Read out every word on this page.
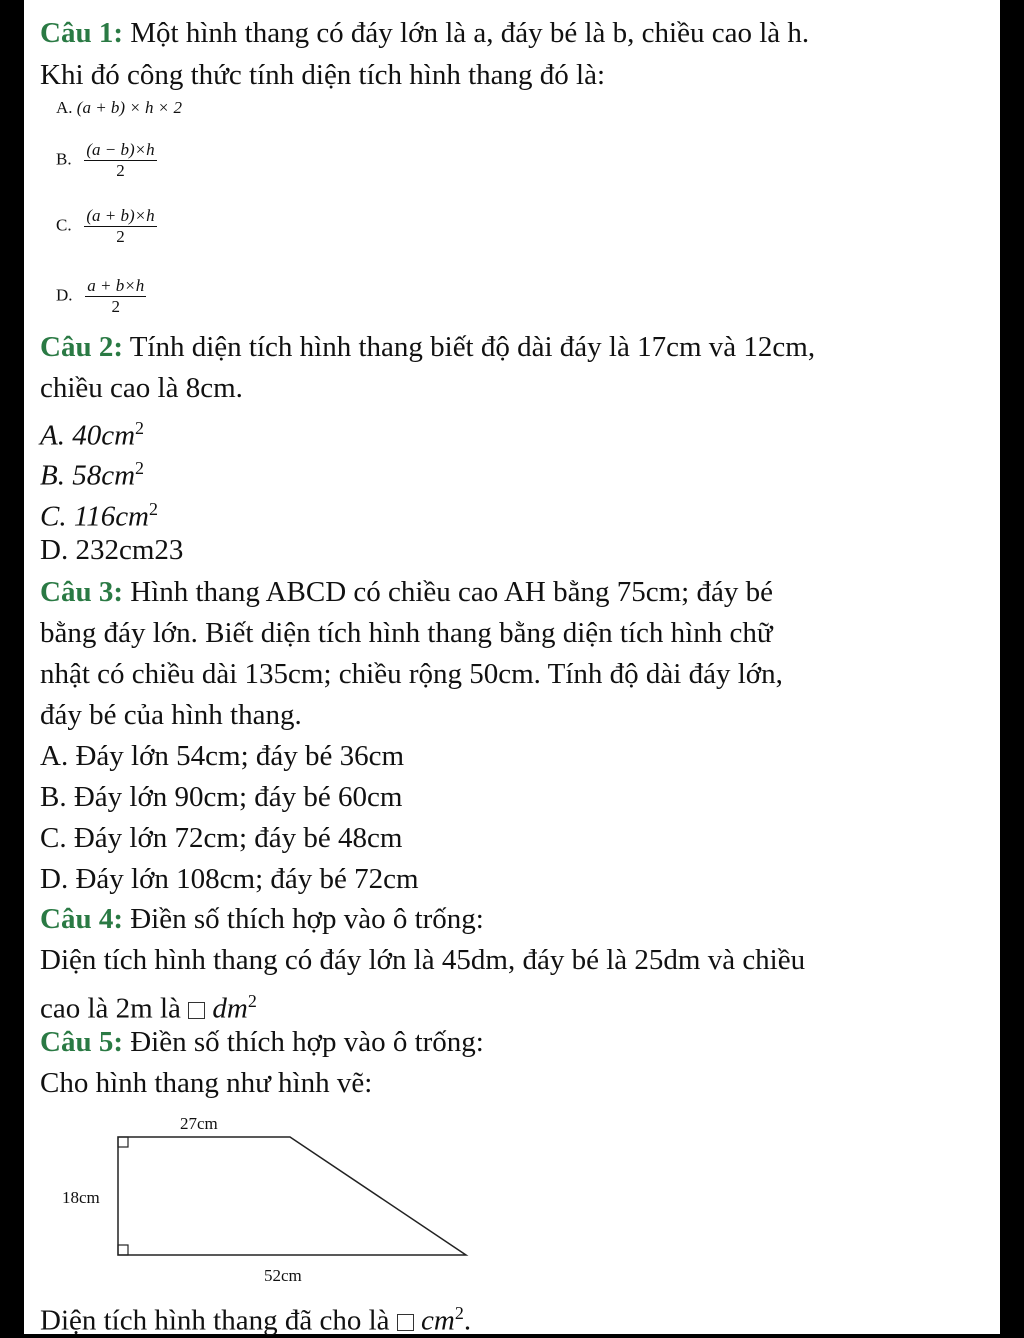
Câu 1: Một hình thang có đáy lớn là a, đáy bé là b, chiều cao là h.
Khi đó công thức tính diện tích hình thang đó là:
A. (a + b) × h × 2
B. $\frac{(a - b)\times h}{2}$
C. $\frac{(a + b)\times h}{2}$
D. $\frac{a + b\times h}{2}$
Câu 2: Tính diện tích hình thang biết độ dài đáy là 17cm và 12cm,
chiều cao là 8cm.
A. $40cm^2$
B. $58cm^2$
C. $116cm^2$
D. 232cm23
Câu 3: Hình thang ABCD có chiều cao AH bằng 75cm; đáy bé
bằng đáy lớn. Biết diện tích hình thang bằng diện tích hình chữ
nhật có chiều dài 135cm; chiều rộng 50cm. Tính độ dài đáy lớn,
đáy bé của hình thang.
A. Đáy lớn 54cm; đáy bé 36cm
B. Đáy lớn 90cm; đáy bé 60cm
C. Đáy lớn 72cm; đáy bé 48cm
D. Đáy lớn 108cm; đáy bé 72cm
Câu 4: Điền số thích hợp vào ô trống:
Diện tích hình thang có đáy lớn là 45dm, đáy bé là 25dm và chiều
cao là 2m là  $dm^2$
Câu 5: Điền số thích hợp vào ô trống:
Cho hình thang như hình vẽ:
27cm
18cm
52cm
Diện tích hình thang đã cho là  $cm^2$.
